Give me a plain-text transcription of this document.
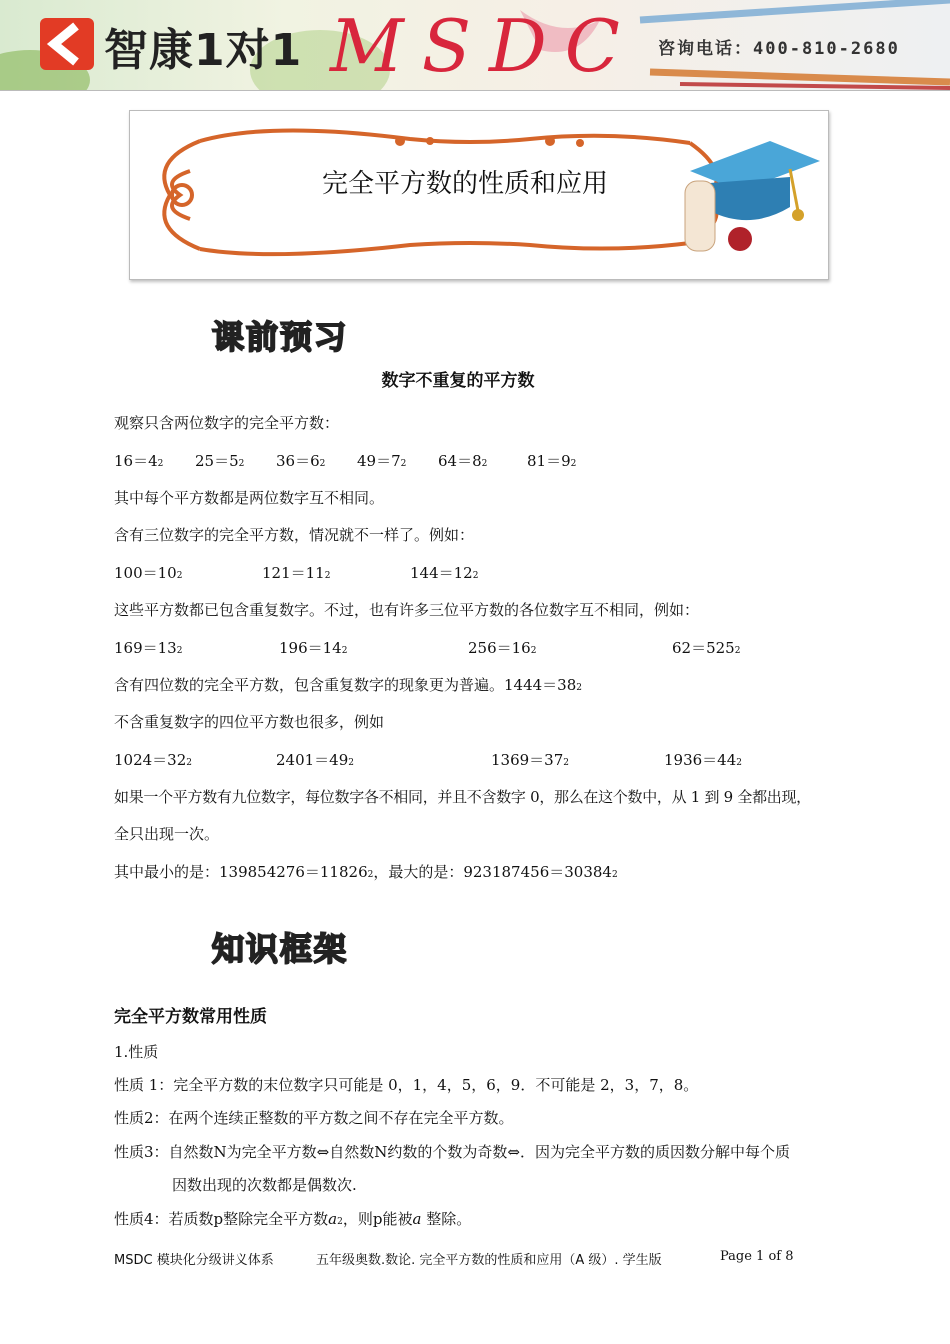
智康1对1 MSDC 咨询电话：400-810-2680
完全平方数的性质和应用
课前预习
数字不重复的平方数
观察只含两位数字的完全平方数：
16＝42 25＝52 36＝62 49＝72 64＝82	81＝92
其中每个平方数都是两位数字互不相同。
含有三位数字的完全平方数，情况就不一样了。例如：
100＝102	121＝112	144＝122
这些平方数都已包含重复数字。不过，也有许多三位平方数的各位数字互不相同，例如：
169＝132	196＝142	256＝162	62＝5252
含有四位数的完全平方数，包含重复数字的现象更为普遍。1444＝382
不含重复数字的四位平方数也很多，例如
1024＝322	2401＝492	1369＝372	1936＝442
如果一个平方数有九位数字，每位数字各不相同，并且不含数字 0，那么在这个数中，从 1 到 9 全都出现，
全只出现一次。
其中最小的是：139854276＝118262，最大的是：923187456＝303842
知识框架
完全平方数常用性质
1.性质
性质 1：完全平方数的末位数字只可能是 0，1，4，5，6，9．不可能是 2，3，7，8。
性质2：在两个连续正整数的平方数之间不存在完全平方数。
性质3：自然数N为完全平方数⇔自然数N约数的个数为奇数⇔．因为完全平方数的质因数分解中每个质
因数出现的次数都是偶数次.
性质4：若质数p整除完全平方数a2，则p能被a 整除。
MSDC 模块化分级讲义体系	五年级奥数.数论. 完全平方数的性质和应用（A 级）. 学生版	Page 1 of 8
